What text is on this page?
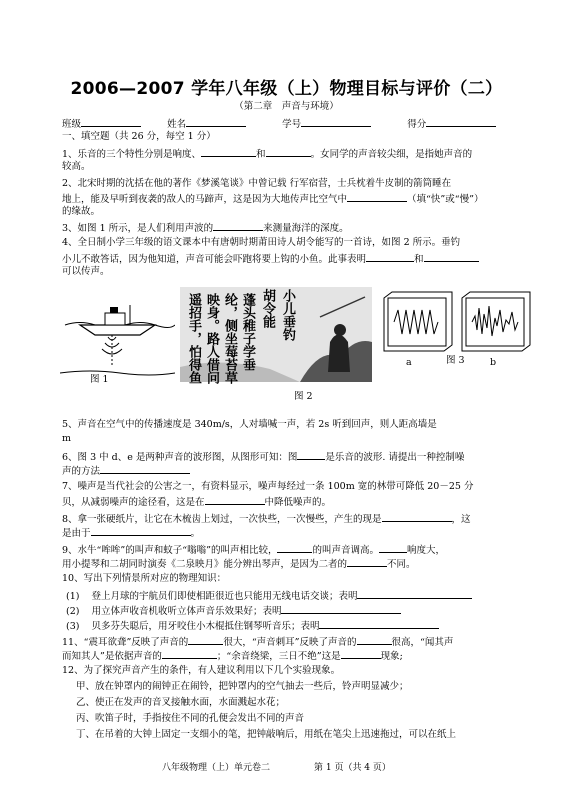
2006—2007 学年八年级（上）物理目标与评价（二）
（第二章　声音与环境）
班级	姓名	学号	得分
一、填空题（共 26 分，每空 1 分）
1、乐音的三个特性分别是响度、	和	。女同学的声音较尖细，是指她声音的
较高。
2、北宋时期的沈括在他的著作《梦溪笔谈》中曾记载 行军宿营，士兵枕着牛皮制的箭筒睡在
地上，能及早听到夜袭的敌人的马蹄声，这是因为大地传声比空气中	（填“快”或“慢”）
的缘故。
3、如图 1 所示，是人们利用声波的	来测量海洋的深度。
4、全日制小学三年级的语文课本中有唐朝时期莆田诗人胡令能写的一首诗，如图 2 所示。垂钓
小儿不敢答话，因为他知道，声音可能会吓跑将要上钩的小鱼。此事表明	和
可以传声。
图 1	遥招手，怕得鱼 映身。路人借问 纶，侧坐莓苔草 蓬头稚子学垂 胡令能 小儿垂钓
图 2
a	图 3	b
5、声音在空气中的传播速度是 340m/s，人对墙喊一声，若 2s 听到回声，则人距高墙是
m
6、图 3 中 d、e 是两种声音的波形图，从图形可知：图	是乐音的波形. 请提出一种控制噪
声的方法
7、噪声是当代社会的公害之一，有资料显示，噪声每经过一条 100m 宽的林带可降低 20－25 分
贝，从减弱噪声的途径看，这是在	中降低噪声的。
8、拿一张硬纸片，让它在木梳齿上划过，一次快些，一次慢些，产生的现是	，这
是由于	。
9、水牛“哞哞”的叫声和蚊子“嗡嗡”的叫声相比较，	的叫声音调高。	响度大，
用小提琴和二胡同时演奏《二泉映月》能分辨出琴声，是因为二者的	不同。
10、写出下列情景所对应的物理知识：
(1) 登上月球的宇航员们即使相距很近也只能用无线电话交谈；表明
(2) 用立体声收音机收听立体声音乐效果好；表明
(3) 贝多芬失聪后，用牙咬住小木棍抵住钢琴听音乐；表明
11、“震耳欲聋”反映了声音的	很大，“声音刺耳”反映了声音的	很高，“闻其声
而知其人”是依据声音的	；“余音绕梁，三日不绝”这是	现象;
12、为了探究声音产生的条件，有人建议利用以下几个实验现象。
甲、放在钟罩内的闹钟正在闹铃，把钟罩内的空气抽去一些后，铃声明显减少；
乙、使正在发声的音叉接触水面，水面溅起水花；
丙、吹笛子时，手指按住不同的孔便会发出不同的声音
丁、在吊着的大钟上固定一支细小的笔，把钟敲响后，用纸在笔尖上迅速拖过，可以在纸上
八年级物理（上）单元卷二	第 1 页（共 4 页）
